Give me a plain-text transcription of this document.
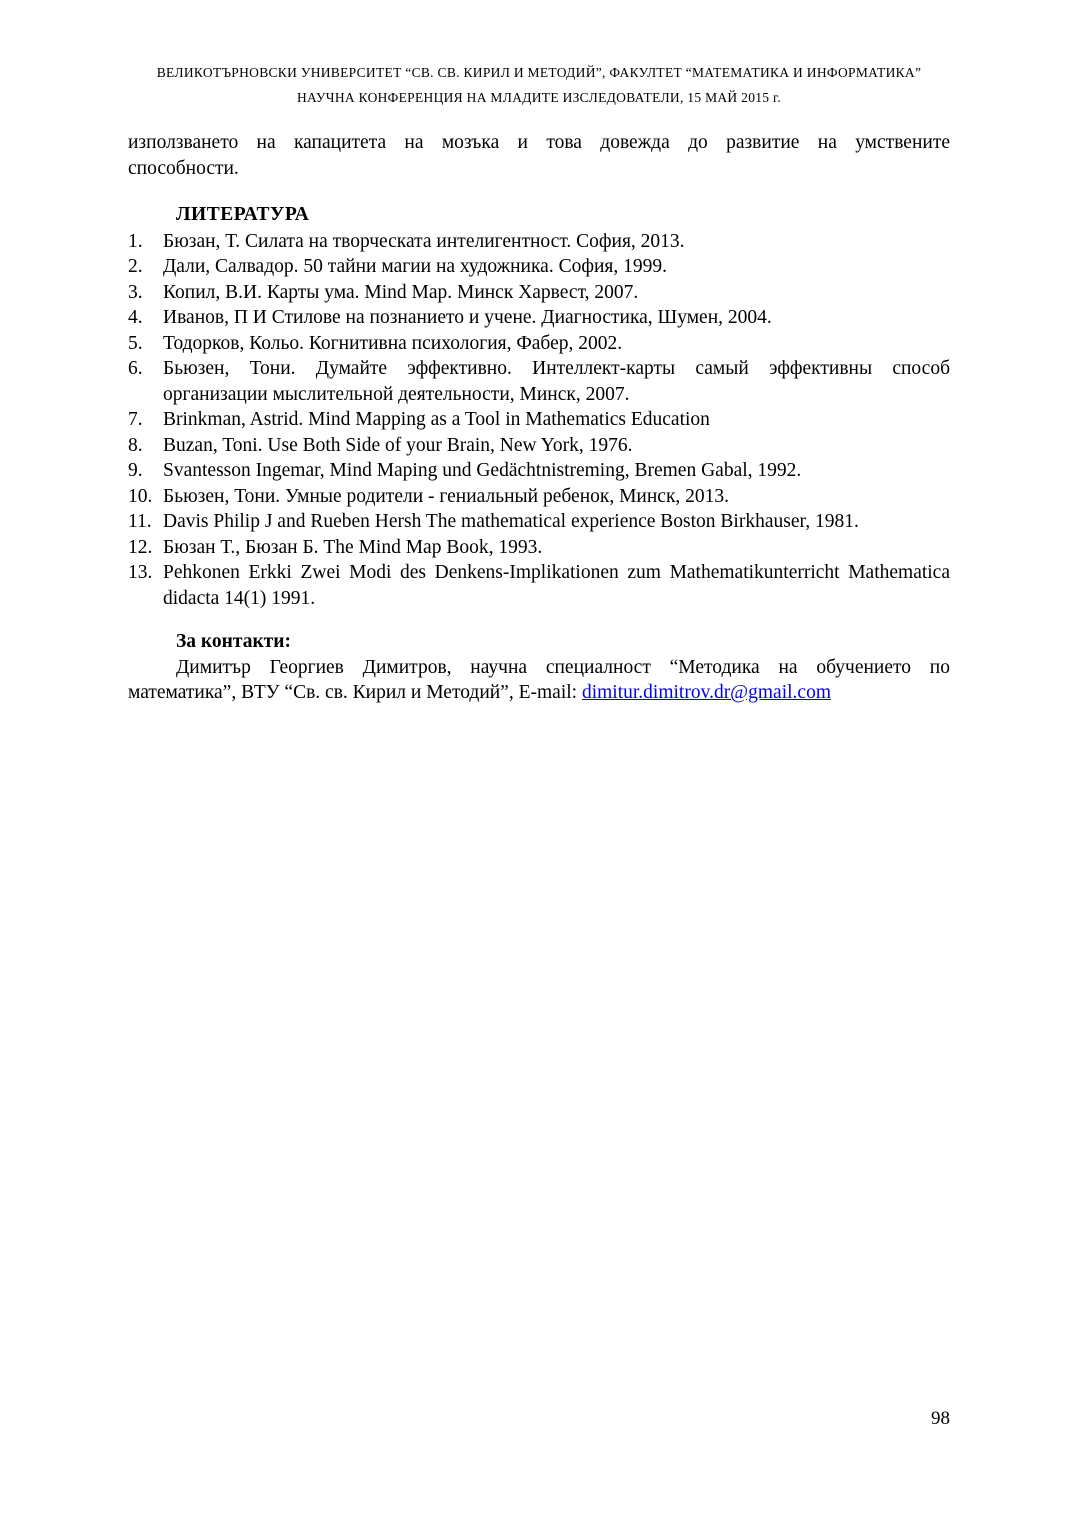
ВЕЛИКОТЪРНОВСКИ УНИВЕРСИТЕТ “СВ. СВ. КИРИЛ И МЕТОДИЙ”, ФАКУЛТЕТ “МАТЕМАТИКА И ИНФОРМАТИКА”
НАУЧНА КОНФЕРЕНЦИЯ НА МЛАДИТЕ ИЗСЛЕДОВАТЕЛИ, 15 МАЙ 2015 г.

използването на капацитета на мозъка и това довежда до развитие на умствените способности.

ЛИТЕРАТУРА
1.	Бюзан, Т. Силата на творческата интелигентност. София, 2013.
2.	Дали, Салвадор. 50 тайни магии на художника. София, 1999.
3.	Копил, В.И. Карты ума. Mind Map. Минск Харвест, 2007.
4.	Иванов, П И Стилове на познанието и учене. Диагностика, Шумен, 2004.
5.	Тодорков, Кольо. Когнитивна психология, Фабер, 2002.
6.	Бьюзен, Тони. Думайте эффективно. Интеллект-карты самый эффективны способ организации мыслительной деятельности, Минск, 2007.
7.	Brinkman, Astrid. Mind Mapping as a Tool in Mathematics Education
8.	Buzan, Toni. Use Both Side of your Brain, New York, 1976.
9.	Svantesson Ingemar, Mind Maping und Gedächtnistreming, Bremen Gabal, 1992.
10. Бьюзен, Тони. Умные родители - гениальный ребенок, Минск, 2013.
11. Davis Philip J and Rueben Hersh The mathematical experience Boston Birkhauser, 1981.
12. Бюзан Т., Бюзан Б. The Mind Map Book, 1993.
13. Pehkonen Erkki Zwei Modi des Denkens-Implikationen zum Mathematikunterricht Mathematica didacta 14(1) 1991.
За контакти:

Димитър Георгиев Димитров, научна специалност “Методика на обучението по математика”, ВТУ “Св. св. Кирил и Методий”, E-mail: dimitur.dimitrov.dr@gmail.com

98
